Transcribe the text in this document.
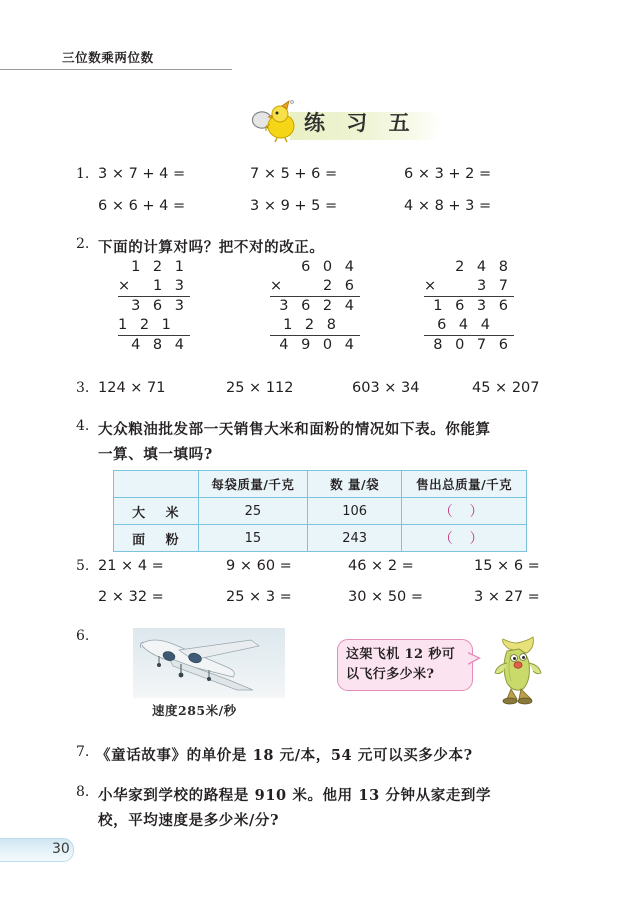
三位数乘两位数
练 习 五
1. 3 × 7 + 4 =	7 × 5 + 6 =	6 × 3 + 2 =
6 × 6 + 4 =	3 × 9 + 5 =	4 × 8 + 3 =
2. 下面的计算对吗？把不对的改正。
1 2 1
× 1 3
3 6 3
1 2 1
4 8 4
6 0 4
×	2 6
3 6 2 4
1 2 8
4 9 0 4
2 4 8
×	3 7
1 6 3 6
6 4 4
8 0 7 6
3. 124 × 71	25 × 112	603 × 34	45 × 207
4. 大众粮油批发部一天销售大米和面粉的情况如下表。你能算
一算、填一填吗?
	每袋质量/千克	数 量/袋	售出总质量/千克
大 米	25	106	（ ）
面 粉	15	243	（ ）
5. 21 × 4 =	9 × 60 =	46 × 2 =	15 × 6 =
2 × 32 =	25 × 3 =	30 × 50 =	3 × 27 =
6.
速度285米/秒
这架飞机 12 秒可
以飞行多少米?
7. 《童话故事》的单价是 18 元/本，54 元可以买多少本?
8. 小华家到学校的路程是 910 米。他用 13 分钟从家走到学
校，平均速度是多少米/分?
30
